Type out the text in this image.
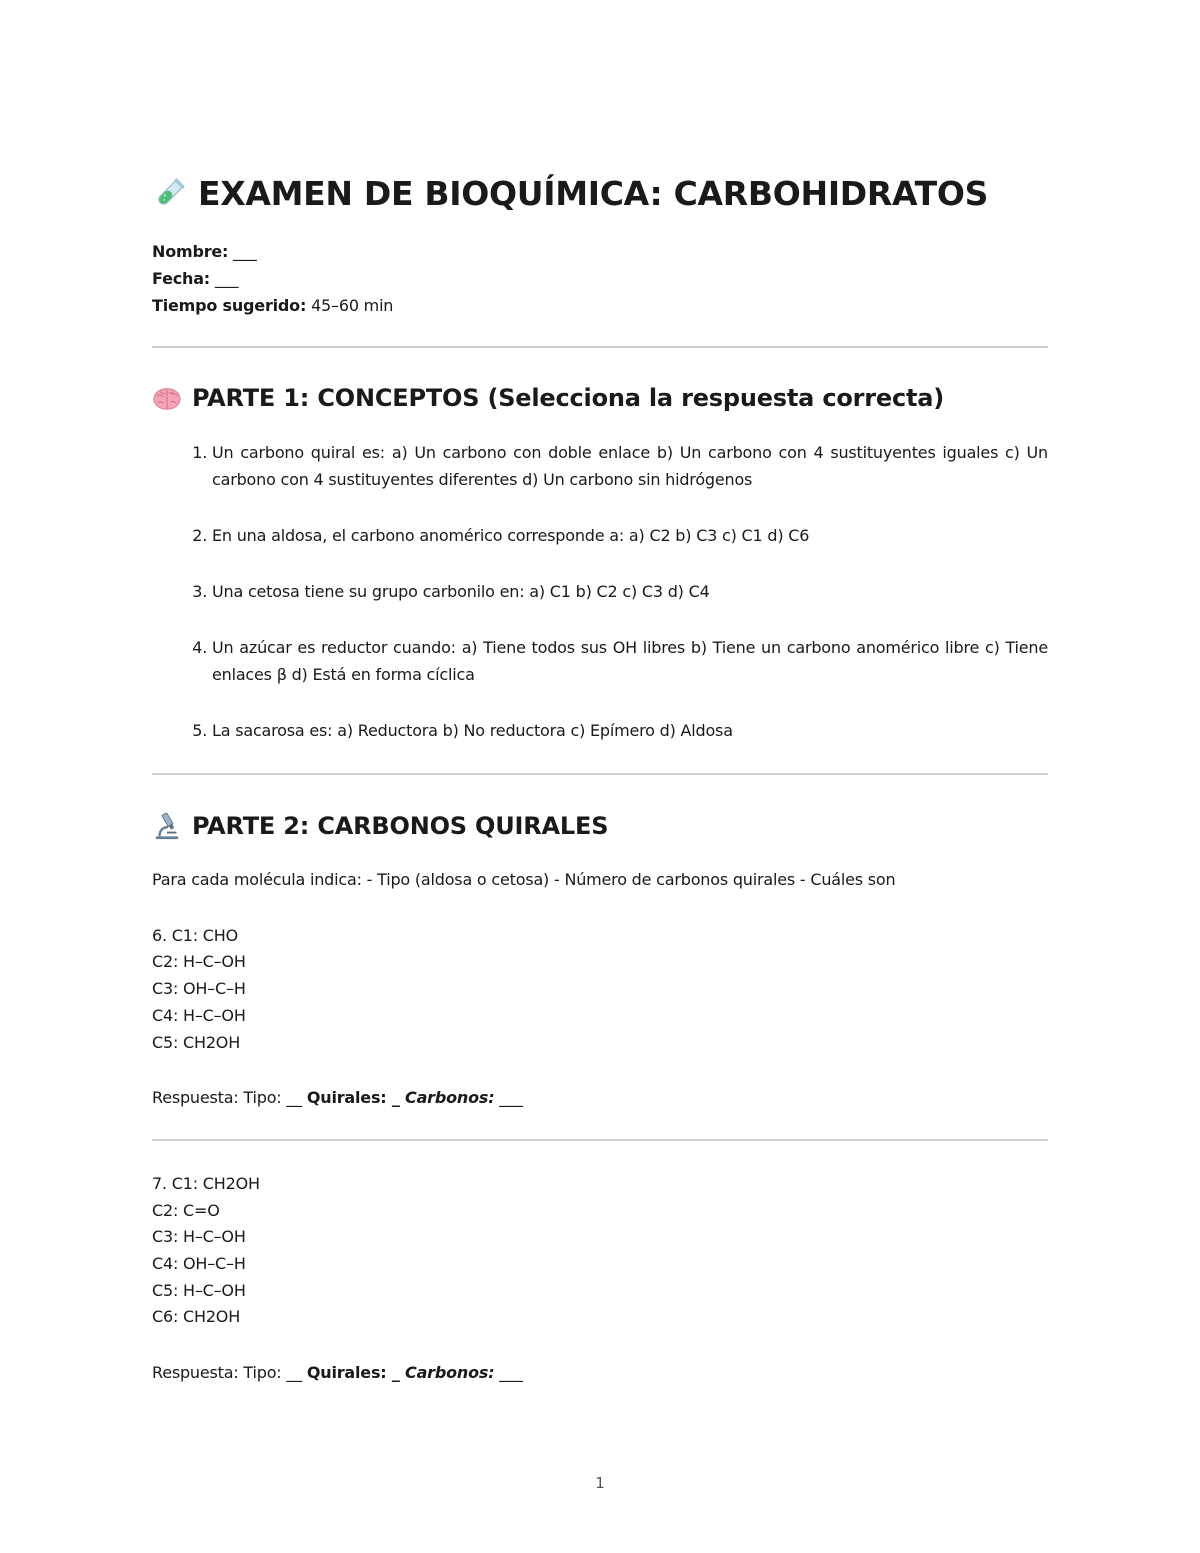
EXAMEN DE BIOQUÍMICA: CARBOHIDRATOS
Nombre: ___
Fecha: ___
Tiempo sugerido: 45–60 min
PARTE 1: CONCEPTOS (Selecciona la respuesta correcta)
1. Un carbono quiral es: a) Un carbono con doble enlace b) Un carbono con 4 sustituyentes iguales c) Un carbono con 4 sustituyentes diferentes d) Un carbono sin hidrógenos
2. En una aldosa, el carbono anomérico corresponde a: a) C2 b) C3 c) C1 d) C6
3. Una cetosa tiene su grupo carbonilo en: a) C1 b) C2 c) C3 d) C4
4. Un azúcar es reductor cuando: a) Tiene todos sus OH libres b) Tiene un carbono anomérico libre c) Tiene enlaces β d) Está en forma cíclica
5. La sacarosa es: a) Reductora b) No reductora c) Epímero d) Aldosa
PARTE 2: CARBONOS QUIRALES

Para cada molécula indica: - Tipo (aldosa o cetosa) - Número de carbonos quirales - Cuáles son

6. C1: CHO

C2: H–C–OH

C3: OH–C–H

C4: H–C–OH

C5: CH2OH

Respuesta: Tipo: __ Quirales: _ Carbonos: ___

7. C1: CH2OH

C2: C=O

C3: H–C–OH

C4: OH–C–H

C5: H–C–OH

C6: CH2OH

Respuesta: Tipo: __ Quirales: _ Carbonos: ___

1
